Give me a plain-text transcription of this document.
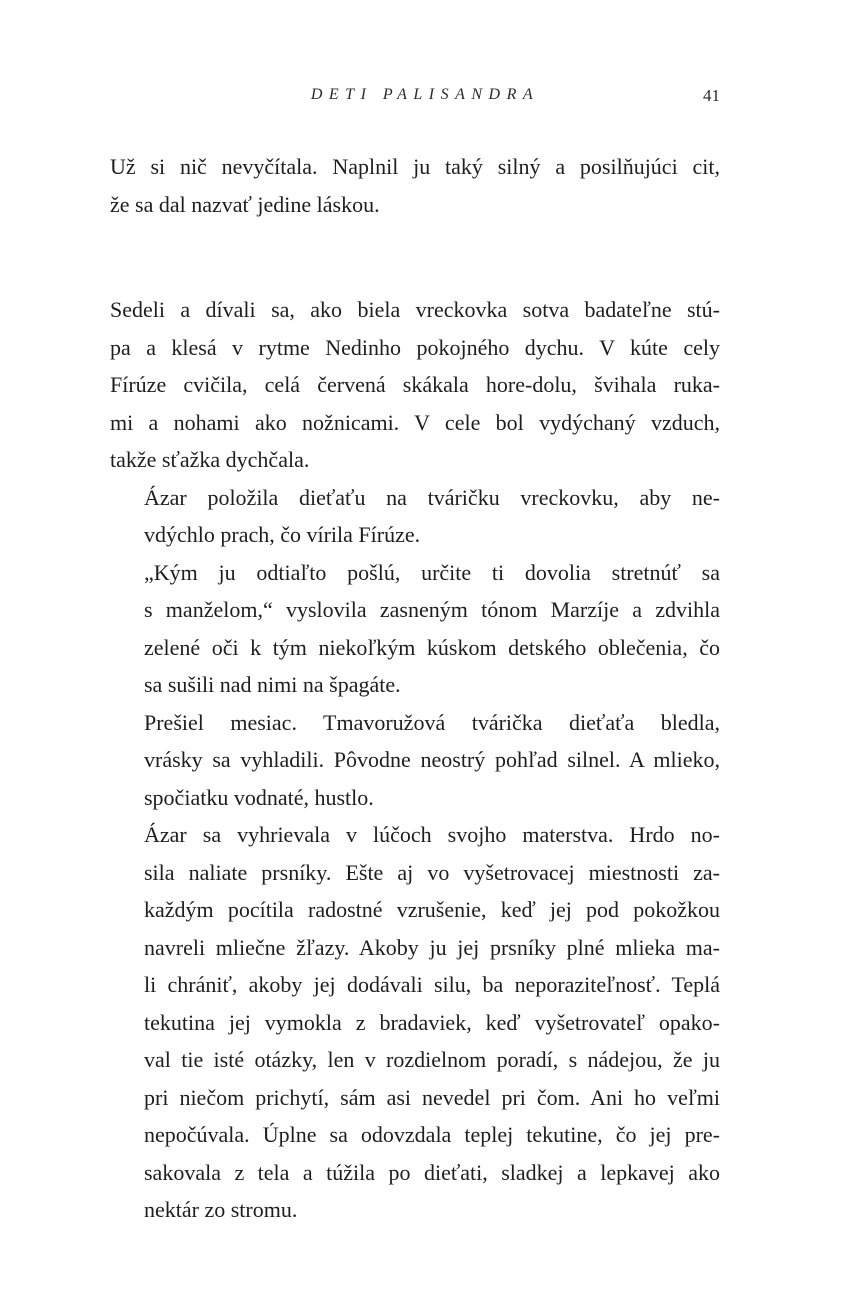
DETI PALISANDRA	41

Už si nič nevyčítala. Naplnil ju taký silný a posilňujúci cit,
že sa dal nazvať jedine láskou.

Sedeli a dívali sa, ako biela vreckovka sotva badateľne stú-
pa a klesá v rytme Nedinho pokojného dychu. V kúte cely
Fírúze cvičila, celá červená skákala hore-dolu, švihala ruka-
mi a nohami ako nožnicami. V cele bol vydýchaný vzduch,
takže sťažka dychčala.

Ázar položila dieťaťu na tváričku vreckovku, aby ne-
vdýchlo prach, čo vírila Fírúze.

„Kým ju odtiaľto pošlú, určite ti dovolia stretnúť sa
s manželom,“ vyslovila zasneným tónom Marzíje a zdvihla
zelené oči k tým niekoľkým kúskom detského oblečenia, čo
sa sušili nad nimi na špagáte.

Prešiel mesiac. Tmavoružová tvárička dieťaťa bledla,
vrásky sa vyhladili. Pôvodne neostrý pohľad silnel. A mlieko,
spočiatku vodnaté, hustlo.

Ázar sa vyhrievala v lúčoch svojho materstva. Hrdo no-
sila naliate prsníky. Ešte aj vo vyšetrovacej miestnosti za-
každým pocítila radostné vzrušenie, keď jej pod pokožkou
navreli mliečne žľazy. Akoby ju jej prsníky plné mlieka ma-
li chrániť, akoby jej dodávali silu, ba neporaziteľnosť. Teplá
tekutina jej vymokla z bradaviek, keď vyšetrovateľ opako-
val tie isté otázky, len v rozdielnom poradí, s nádejou, že ju
pri niečom prichytí, sám asi nevedel pri čom. Ani ho veľmi
nepočúvala. Úplne sa odovzdala teplej tekutine, čo jej pre-
sakovala z tela a túžila po dieťati, sladkej a lepkavej ako
nektár zo stromu.
